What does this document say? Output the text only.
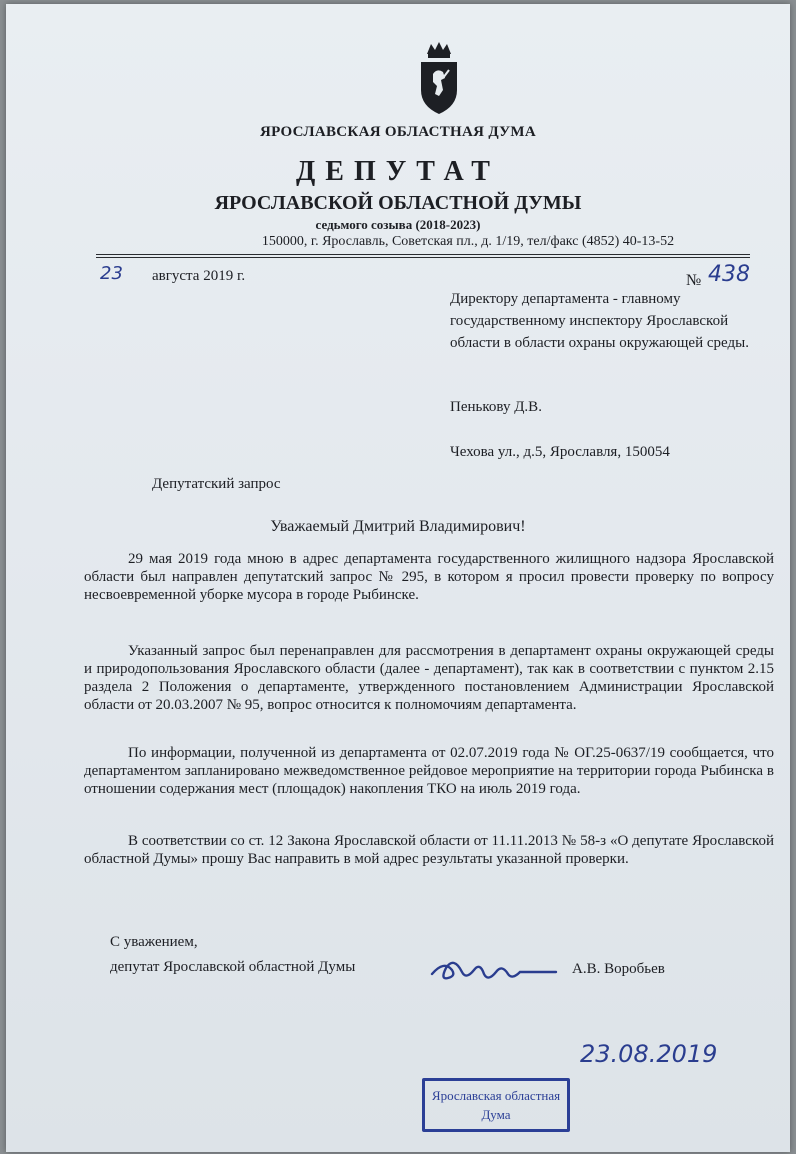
ЯРОСЛАВСКАЯ ОБЛАСТНАЯ ДУМА
ДЕПУТАТ
ЯРОСЛАВСКОЙ ОБЛАСТНОЙ ДУМЫ
седьмого созыва (2018-2023)
150000, г. Ярославль, Советская пл., д. 1/19, тел/факс (4852) 40-13-52
23 августа 2019 г.	№ 438
Директору департамента - главному государственному инспектору Ярославской области в области охраны окружающей среды.
Пенькову Д.В.
Чехова ул., д.5, Ярославля, 150054
Депутатский запрос
Уважаемый Дмитрий Владимирович!
29 мая 2019 года мною в адрес департамента государственного жилищного надзора Ярославской области был направлен депутатский запрос № 295, в котором я просил провести проверку по вопросу несвоевременной уборке мусора в городе Рыбинске.
Указанный запрос был перенаправлен для рассмотрения в департамент охраны окружающей среды и природопользования Ярославского области (далее - департамент), так как в соответствии с пунктом 2.15 раздела 2 Положения о департаменте, утвержденного постановлением Администрации Ярославской области от 20.03.2007 № 95, вопрос относится к полномочиям департамента.
По информации, полученной из департамента от 02.07.2019 года № ОГ.25-0637/19 сообщается, что департаментом запланировано межведомственное рейдовое мероприятие на территории города Рыбинска в отношении содержания мест (площадок) накопления ТКО на июль 2019 года.
В соответствии со ст. 12 Закона Ярославской области от 11.11.2013 № 58-з «О депутате Ярославской областной Думы» прошу Вас направить в мой адрес результаты указанной проверки.
С уважением,
депутат Ярославской областной Думы	А.В. Воробьев
23.08.2019
Ярославская областная
Дума
